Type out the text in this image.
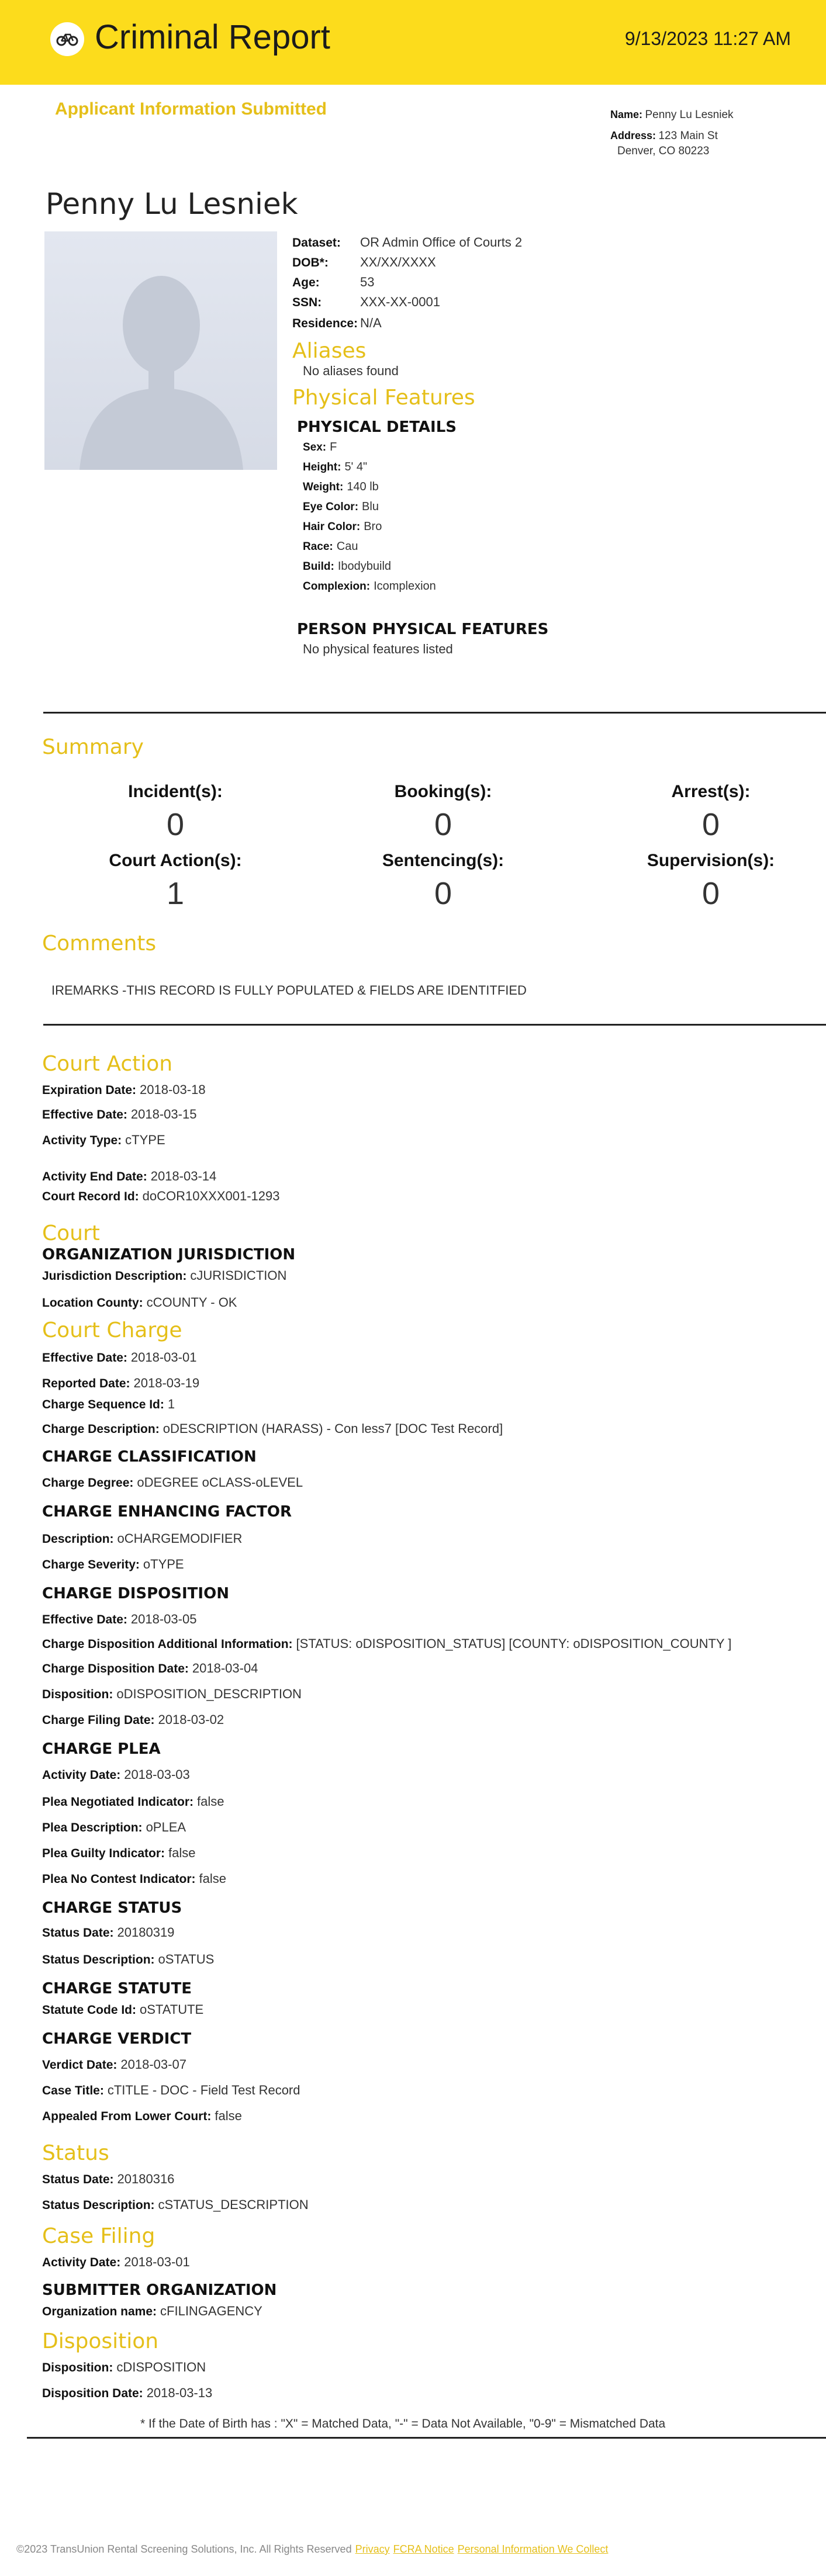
Criminal Report	9/13/2023 11:27 AM
Applicant Information Submitted	Name: Penny Lu Lesniek
Address: 123 Main St
Denver, CO 80223
Penny Lu Lesniek
Dataset: OR Admin Office of Courts 2
DOB*: XX/XX/XXXX
Age:	53
SSN:	XXX-XX-0001
Residence: N/A
Aliases
No aliases found
Physical Features
PHYSICAL DETAILS
Sex: F
Height: 5' 4"
Weight: 140 lb
Eye Color: Blu
Hair Color: Bro
Race: Cau
Build: Ibodybuild
Complexion: Icomplexion
PERSON PHYSICAL FEATURES
No physical features listed
Summary
Incident(s):
0
Booking(s):
0
Arrest(s):
0
Court Action(s):
1
Sentencing(s):
0
Supervision(s):
0
Comments
IREMARKS -THIS RECORD IS FULLY POPULATED & FIELDS ARE IDENTITFIED
Court Action
Expiration Date: 2018-03-18
Effective Date: 2018-03-15
Activity Type: cTYPE
Activity End Date: 2018-03-14
Court Record Id: doCOR10XXX001-1293
Court
ORGANIZATION JURISDICTION
Jurisdiction Description: cJURISDICTION
Location County: cCOUNTY - OK
Court Charge
Effective Date: 2018-03-01
Reported Date: 2018-03-19
Charge Sequence Id: 1
Charge Description: oDESCRIPTION (HARASS) - Con less7 [DOC Test Record]
CHARGE CLASSIFICATION
Charge Degree: oDEGREE oCLASS-oLEVEL
CHARGE ENHANCING FACTOR
Description: oCHARGEMODIFIER
Charge Severity: oTYPE
CHARGE DISPOSITION
Effective Date: 2018-03-05
Charge Disposition Additional Information: [STATUS: oDISPOSITION_STATUS] [COUNTY: oDISPOSITION_COUNTY ]
Charge Disposition Date: 2018-03-04
Disposition: oDISPOSITION_DESCRIPTION
Charge Filing Date: 2018-03-02
CHARGE PLEA
Activity Date: 2018-03-03
Plea Negotiated Indicator: false
Plea Description: oPLEA
Plea Guilty Indicator: false
Plea No Contest Indicator: false
CHARGE STATUS
Status Date: 20180319
Status Description: oSTATUS
CHARGE STATUTE
Statute Code Id: oSTATUTE
CHARGE VERDICT
Verdict Date: 2018-03-07
Case Title: cTITLE - DOC - Field Test Record
Appealed From Lower Court: false
Status
Status Date: 20180316
Status Description: cSTATUS_DESCRIPTION
Case Filing
Activity Date: 2018-03-01
SUBMITTER ORGANIZATION
Organization name: cFILINGAGENCY
Disposition
Disposition: cDISPOSITION
Disposition Date: 2018-03-13
* If the Date of Birth has : "X" = Matched Data, "-" = Data Not Available, "0-9" = Mismatched Data
©2023 TransUnion Rental Screening Solutions, Inc. All Rights Reserved Privacy FCRA Notice Personal Information We Collect
